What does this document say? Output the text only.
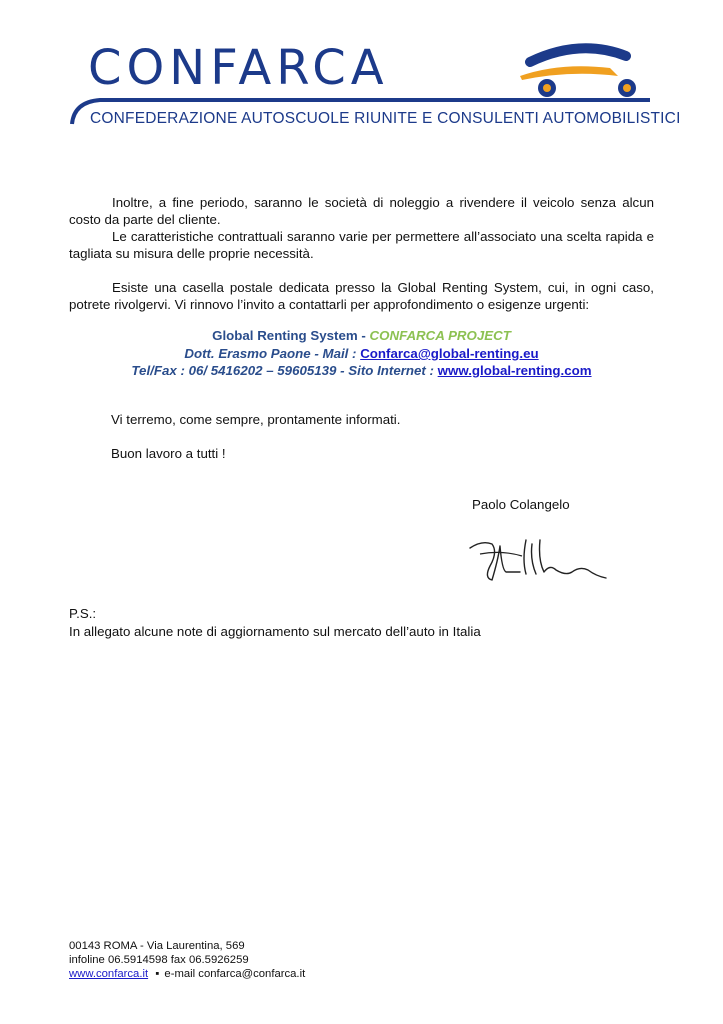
CONFARCA
CONFEDERAZIONE AUTOSCUOLE RIUNITE E CONSULENTI AUTOMOBILISTICI
Inoltre, a fine periodo, saranno le società di noleggio a rivendere il veicolo senza alcun costo da parte del cliente.
Le caratteristiche contrattuali saranno varie per permettere all’associato una scelta rapida e tagliata su misura delle proprie necessità.
Esiste una casella postale dedicata presso la Global Renting System, cui, in ogni caso, potrete rivolgervi. Vi rinnovo l’invito a contattarli per approfondimento o esigenze urgenti:
Global Renting System - CONFARCA PROJECT
Dott. Erasmo Paone - Mail : Confarca@global-renting.eu
Tel/Fax : 06/ 5416202 – 59605139 - Sito Internet : www.global-renting.com
Vi terremo, come sempre, prontamente informati.
Buon lavoro a tutti !
Paolo Colangelo
P.S.:
In allegato alcune note di aggiornamento sul mercato dell’auto in Italia
00143 ROMA - Via Laurentina, 569
infoline 06.5914598 fax 06.5926259
www.confarca.it ▪ e-mail confarca@confarca.it
